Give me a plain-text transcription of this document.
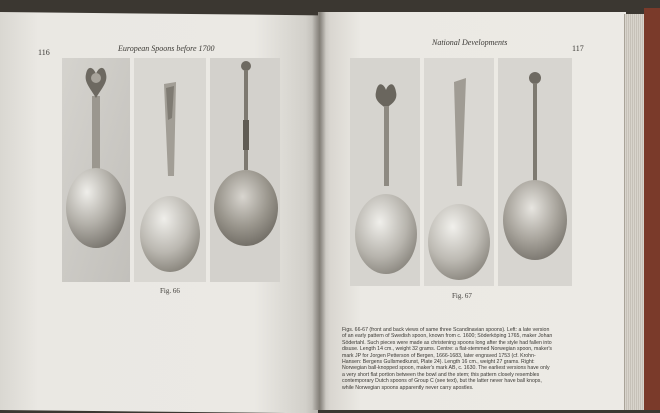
116	European Spoons before 1700
Fig. 66
National Developments
117
Fig. 67
Figs. 66-67 (front and back views of same three Scandinavian spoons). Left: a late version
of an early pattern of Swedish spoon, known from c. 1600; Söderköping 1765, maker Johan
Södertahl. Such pieces were made as christening spoons long after the style had fallen into
disuse. Length 14 cm., weight 32 grams. Centre: a flat-stemmed Norwegian spoon, maker's
mark JP for Jorgen Petterson of Bergen, 1666-1683, later engraved 1753 (cf. Krohn-
Hansen: Bergens Gullsmedkunst, Plate 24). Length 16 cm., weight 27 grams. Right:
Norwegian ball-knopped spoon, maker's mark AB, c. 1630. The earliest versions have only
a very short flat portion between the bowl and the stem; this pattern closely resembles
contemporary Dutch spoons of Group C (see text), but the latter never have ball knops,
while Norwegian spoons apparently never carry apostles.
